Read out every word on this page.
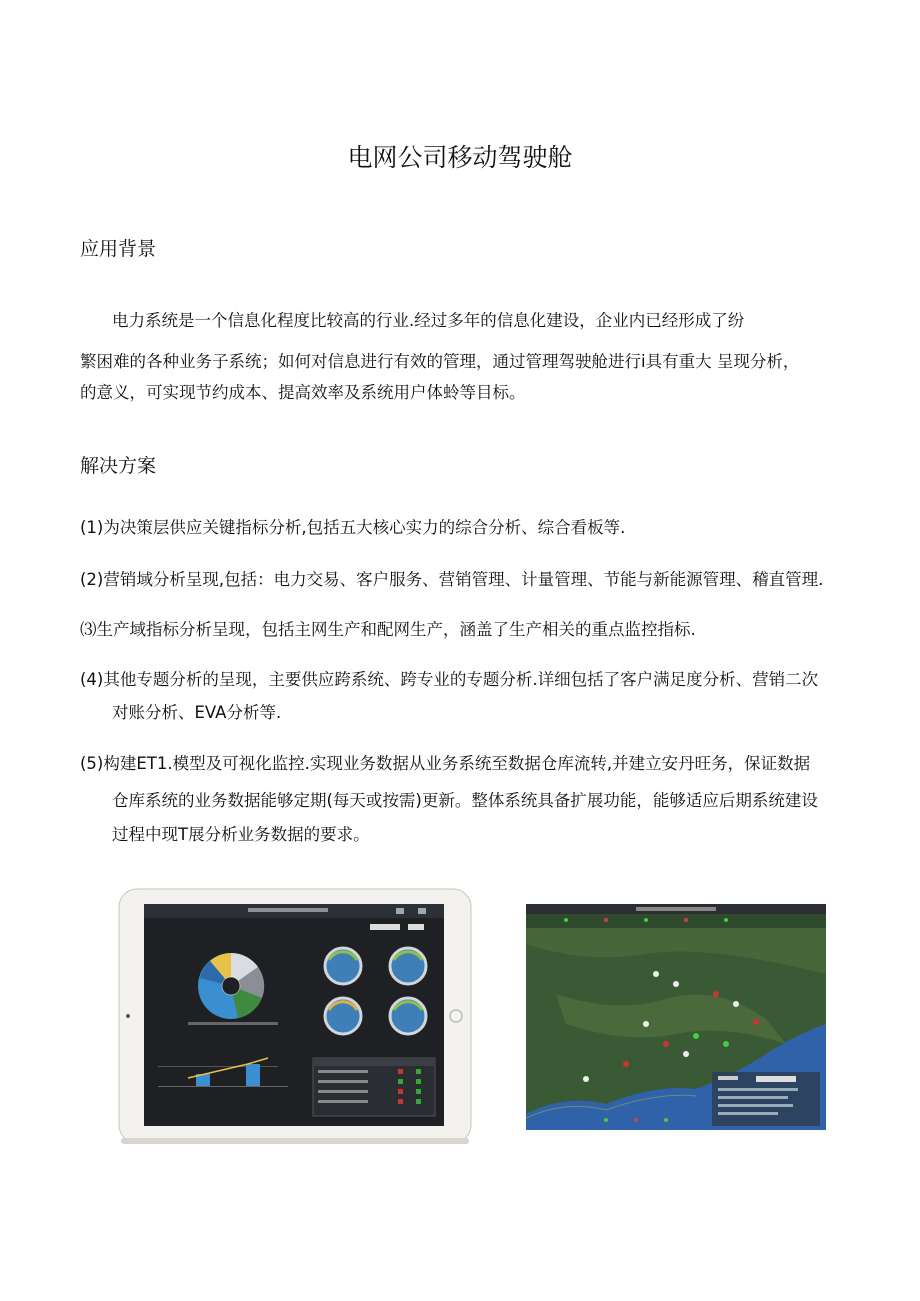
电网公司移动驾驶舱
应用背景
电力系统是一个信息化程度比较高的行业.经过多年的信息化建设，企业内已经形成了纷
繁困难的各种业务子系统；如何对信息进行有效的管理，通过管理驾驶舱进行i具有重大 呈现分析，
的意义，可实现节约成本、提高效率及系统用户体蛉等目标。
解决方案
(1)为决策层供应关键指标分析,包括五大核心实力的综合分析、综合看板等.
(2)营销域分析呈现,包括：电力交易、客户服务、营销管理、计量管理、节能与新能源管理、稽直管理.
⑶生产域指标分析呈现，包括主网生产和配网生产，涵盖了生产相关的重点监控指标.
(4)其他专题分析的呈现，主要供应跨系统、跨专业的专题分析.详细包括了客户满足度分析、营销二次
对账分析、EVA分析等.
(5)构建ET1.模型及可视化监控.实现业务数据从业务系统至数据仓库流转,并建立安丹旺务，保证数据
仓库系统的业务数据能够定期(每天或按需)更新。整体系统具备扩展功能，能够适应后期系统建设
过程中现T展分析业务数据的要求。
